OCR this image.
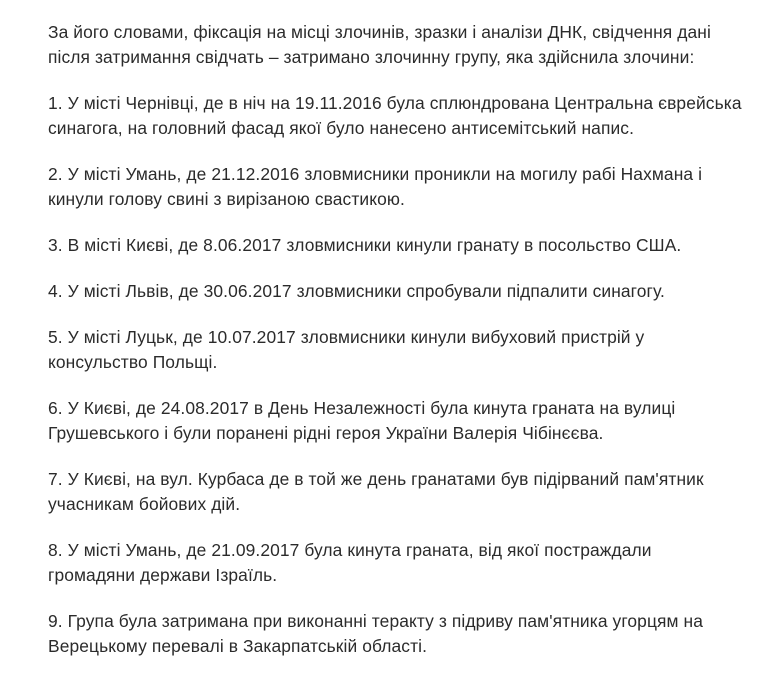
За його словами, фіксація на місці злочинів, зразки і аналізи ДНК, свідчення дані
після затримання свідчать – затримано злочинну групу, яка здійснила злочини:

1. У місті Чернівці, де в ніч на 19.11.2016 була сплюндрована Центральна єврейська
синагога, на головний фасад якої було нанесено антисемітський напис.

2. У місті Умань, де 21.12.2016 зловмисники проникли на могилу рабі Нахмана і
кинули голову свині з вирізаною свастикою.

3. В місті Києві, де 8.06.2017 зловмисники кинули гранату в посольство США.

4. У місті Львів, де 30.06.2017 зловмисники спробували підпалити синагогу.

5. У місті Луцьк, де 10.07.2017 зловмисники кинули вибуховий пристрій у
консульство Польщі.

6. У Києві, де 24.08.2017 в День Незалежності була кинута граната на вулиці
Грушевського і були поранені рідні героя України Валерія Чібінєєва.

7. У Києві, на вул. Курбаса де в той же день гранатами був підірваний пам'ятник
учасникам бойових дій.

8. У місті Умань, де 21.09.2017 була кинута граната, від якої постраждали
громадяни держави Ізраїль.

9. Група була затримана при виконанні теракту з підриву пам'ятника угорцям на
Верецькому перевалі в Закарпатській області.
